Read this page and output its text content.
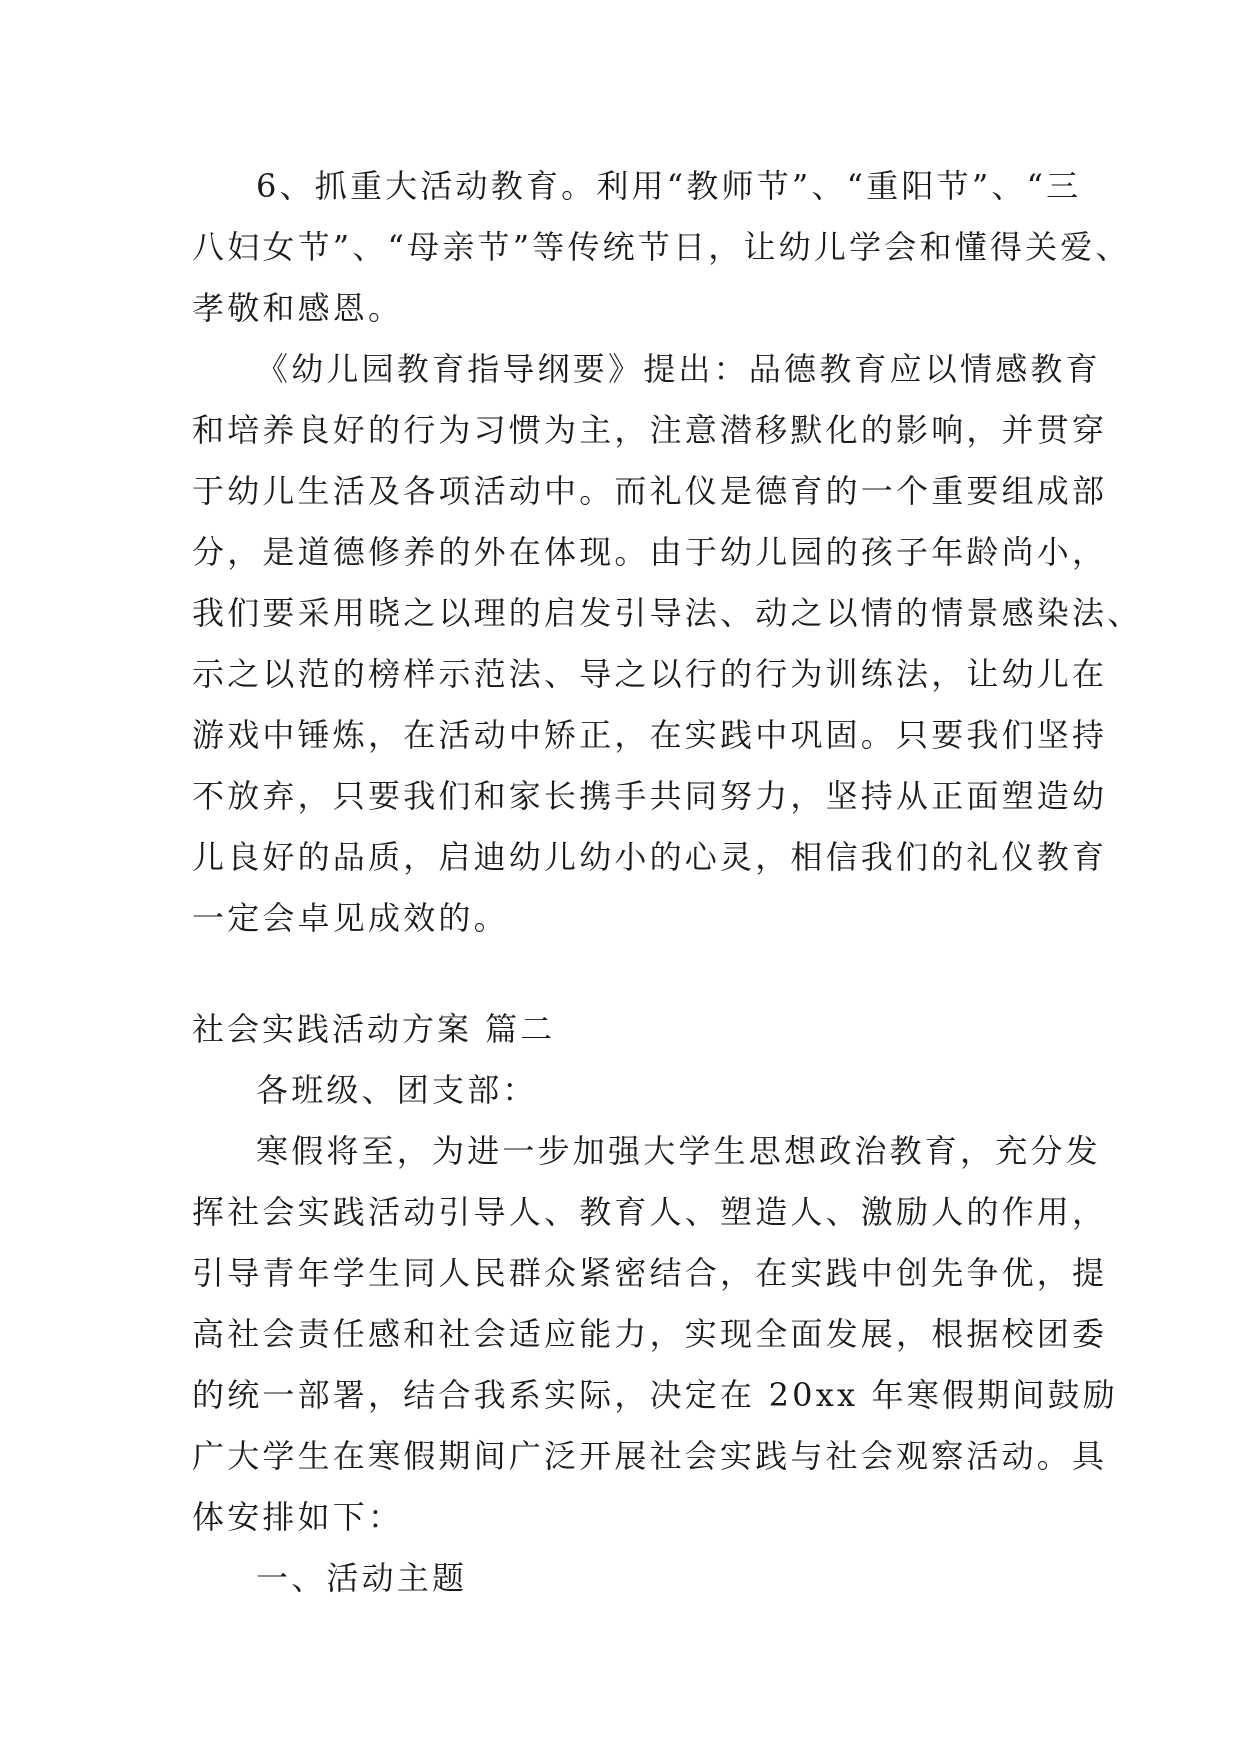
6、抓重大活动教育。利用“教师节”、“重阳节”、“三
八妇女节”、“母亲节”等传统节日，让幼儿学会和懂得关爱、
孝敬和感恩。
《幼儿园教育指导纲要》提出：品德教育应以情感教育
和培养良好的行为习惯为主，注意潜移默化的影响，并贯穿
于幼儿生活及各项活动中。而礼仪是德育的一个重要组成部
分，是道德修养的外在体现。由于幼儿园的孩子年龄尚小，
我们要采用晓之以理的启发引导法、动之以情的情景感染法、
示之以范的榜样示范法、导之以行的行为训练法，让幼儿在
游戏中锤炼，在活动中矫正，在实践中巩固。只要我们坚持
不放弃，只要我们和家长携手共同努力，坚持从正面塑造幼
儿良好的品质，启迪幼儿幼小的心灵，相信我们的礼仪教育
一定会卓见成效的。
社会实践活动方案 篇二
各班级、团支部：
寒假将至，为进一步加强大学生思想政治教育，充分发
挥社会实践活动引导人、教育人、塑造人、激励人的作用，
引导青年学生同人民群众紧密结合，在实践中创先争优，提
高社会责任感和社会适应能力，实现全面发展，根据校团委
的统一部署，结合我系实际，决定在 20xx 年寒假期间鼓励
广大学生在寒假期间广泛开展社会实践与社会观察活动。具
体安排如下：
一、活动主题
